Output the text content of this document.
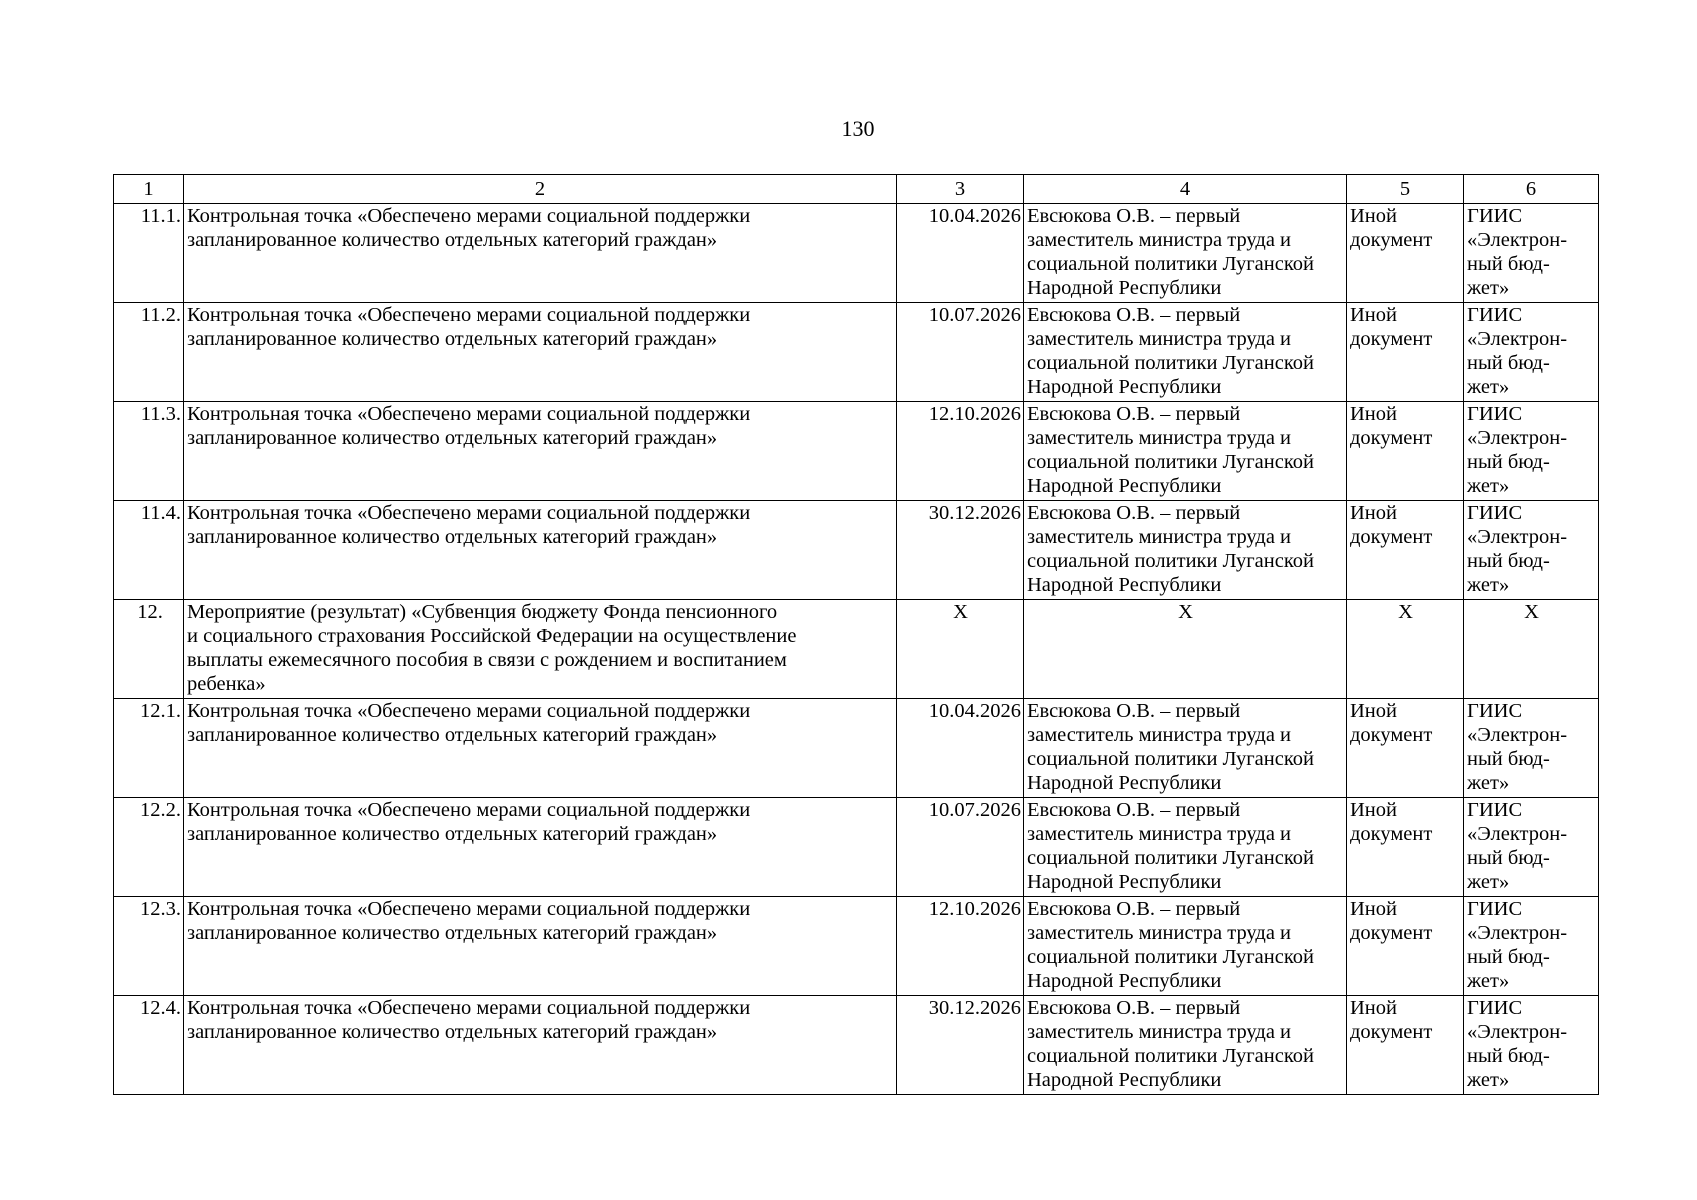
130
1	2	3	4	5	6
11.1.	Контрольная точка «Обеспечено мерами социальной поддержки
запланированное количество отдельных категорий граждан»	10.04.2026	Евсюкова О.В. – первый
заместитель министра труда и
социальной политики Луганской
Народной Республики	Иной
документ	ГИИС
«Электрон-
ный бюд-
жет»

11.2.	Контрольная точка «Обеспечено мерами социальной поддержки
запланированное количество отдельных категорий граждан»	10.07.2026	Евсюкова О.В. – первый
заместитель министра труда и
социальной политики Луганской
Народной Республики	Иной
документ	ГИИС
«Электрон-
ный бюд-
жет»

11.3.	Контрольная точка «Обеспечено мерами социальной поддержки
запланированное количество отдельных категорий граждан»	12.10.2026	Евсюкова О.В. – первый
заместитель министра труда и
социальной политики Луганской
Народной Республики	Иной
документ	ГИИС
«Электрон-
ный бюд-
жет»

11.4.	Контрольная точка «Обеспечено мерами социальной поддержки
запланированное количество отдельных категорий граждан»	30.12.2026	Евсюкова О.В. – первый
заместитель министра труда и
социальной политики Луганской
Народной Республики	Иной
документ	ГИИС
«Электрон-
ный бюд-
жет»

12.	Мероприятие (результат) «Субвенция бюджету Фонда пенсионного
и социального страхования Российской Федерации на осуществление
выплаты ежемесячного пособия в связи с рождением и воспитанием
ребенка»	X	X	X	X

12.1.	Контрольная точка «Обеспечено мерами социальной поддержки
запланированное количество отдельных категорий граждан»	10.04.2026	Евсюкова О.В. – первый
заместитель министра труда и
социальной политики Луганской
Народной Республики	Иной
документ	ГИИС
«Электрон-
ный бюд-
жет»

12.2.	Контрольная точка «Обеспечено мерами социальной поддержки
запланированное количество отдельных категорий граждан»	10.07.2026	Евсюкова О.В. – первый
заместитель министра труда и
социальной политики Луганской
Народной Республики	Иной
документ	ГИИС
«Электрон-
ный бюд-
жет»

12.3.	Контрольная точка «Обеспечено мерами социальной поддержки
запланированное количество отдельных категорий граждан»	12.10.2026	Евсюкова О.В. – первый
заместитель министра труда и
социальной политики Луганской
Народной Республики	Иной
документ	ГИИС
«Электрон-
ный бюд-
жет»

12.4.	Контрольная точка «Обеспечено мерами социальной поддержки
запланированное количество отдельных категорий граждан»	30.12.2026	Евсюкова О.В. – первый
заместитель министра труда и
социальной политики Луганской
Народной Республики	Иной
документ	ГИИС
«Электрон-
ный бюд-
жет»
